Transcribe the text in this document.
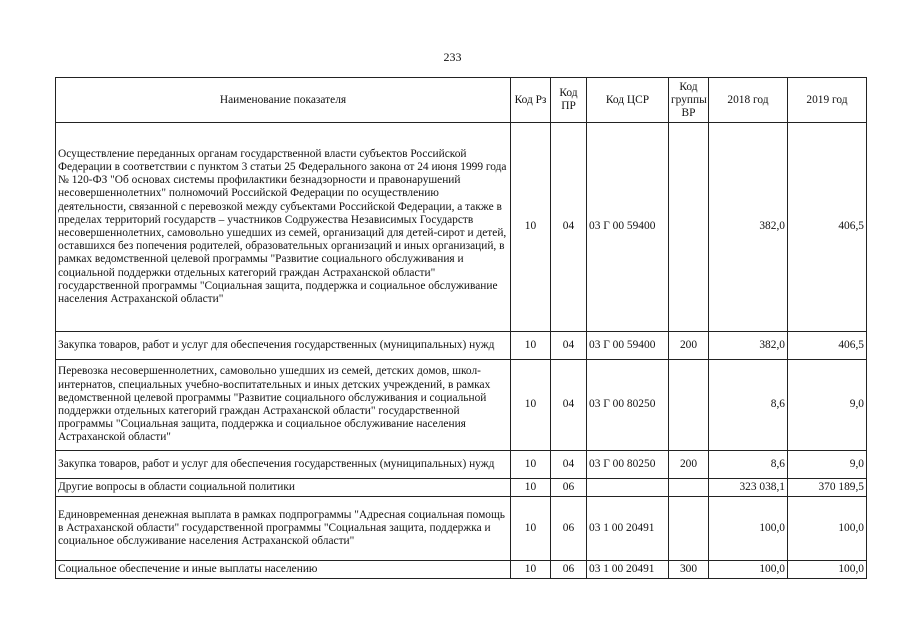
233
Наименование показателя	Код Рз	Код ПР	Код ЦСР	Код группы ВР	2018 год	2019 год
Осуществление переданных органам государственной власти субъектов Российской Федерации в соответствии с пунктом 3 статьи 25 Федерального закона от 24 июня 1999 года № 120-ФЗ "Об основах системы профилактики безнадзорности и правонарушений несовершеннолетних" полномочий Российской Федерации по осуществлению деятельности, связанной с перевозкой между субъектами Российской Федерации, а также в пределах территорий государств – участников Содружества Независимых Государств несовершеннолетних, самовольно ушедших из семей, организаций для детей-сирот и детей, оставшихся без попечения родителей, образовательных организаций и иных организаций, в рамках ведомственной целевой программы "Развитие социального обслуживания и социальной поддержки отдельных категорий граждан Астраханской области" государственной программы "Социальная защита, поддержка и социальное обслуживание населения Астраханской области"	10	04	03 Г 00 59400		382,0	406,5
Закупка товаров, работ и услуг для обеспечения государственных (муниципальных) нужд	10	04	03 Г 00 59400	200	382,0	406,5
Перевозка несовершеннолетних, самовольно ушедших из семей, детских домов, школ-интернатов, специальных учебно-воспитательных и иных детских учреждений, в рамках ведомственной целевой программы "Развитие социального обслуживания и социальной поддержки отдельных категорий граждан Астраханской области" государственной программы "Социальная защита, поддержка и социальное обслуживание населения Астраханской области"	10	04	03 Г 00 80250		8,6	9,0
Закупка товаров, работ и услуг для обеспечения государственных (муниципальных) нужд	10	04	03 Г 00 80250	200	8,6	9,0
Другие вопросы в области социальной политики	10	06			323 038,1	370 189,5
Единовременная денежная выплата в рамках подпрограммы "Адресная социальная помощь в Астраханской области" государственной программы "Социальная защита, поддержка и социальное обслуживание населения Астраханской области"	10	06	03 1 00 20491		100,0	100,0
Социальное обеспечение и иные выплаты населению	10	06	03 1 00 20491	300	100,0	100,0
